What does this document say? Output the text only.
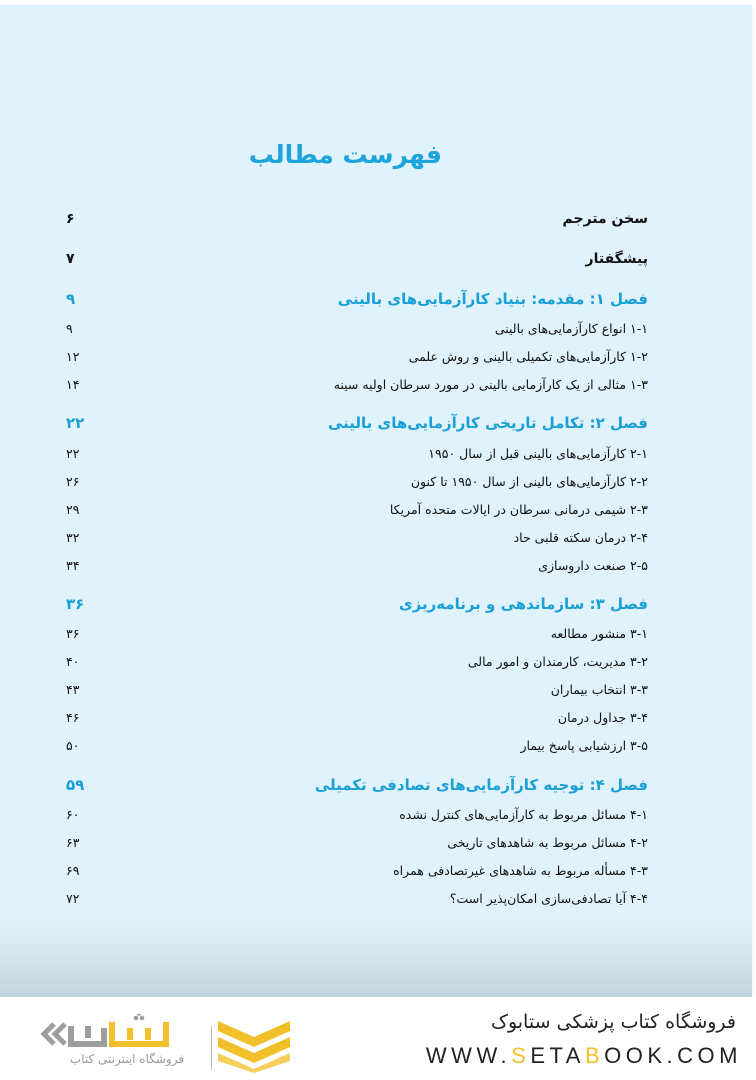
فهرست مطالب
سخن مترجم
۶
پیشگفتار
۷
فصل ۱: مقدمه: بنیاد کارآزمایی‌های بالینی
۹
۱-۱ انواع کارآزمایی‌های بالینی
۹
۱-۲ کارآزمایی‌های تکمیلی بالینی و روش علمی
۱۲
۱-۳ مثالی از یک کارآزمایی بالینی در مورد سرطان اولیه سینه
۱۴
فصل ۲: تکامل تاریخی کارآزمایی‌های بالینی
۲۲
۲-۱ کارآزمایی‌های بالینی قبل از سال ۱۹۵۰
۲۲
۲-۲ کارآزمایی‌های بالینی از سال ۱۹۵۰ تا کنون
۲۶
۲-۳ شیمی درمانی سرطان در ایالات متحده آمریکا
۲۹
۲-۴ درمان سکته قلبی حاد
۳۲
۲-۵ صنعت داروسازی
۳۴
فصل ۳: سازماندهی و برنامه‌ریزی
۳۶
۳-۱ منشور مطالعه
۳۶
۳-۲ مدیریت، کارمندان و امور مالی
۴۰
۳-۳ انتخاب بیماران
۴۳
۳-۴ جداول درمان
۴۶
۳-۵ ارزشیابی پاسخ بیمار
۵۰
فصل ۴: توجیه کارآزمایی‌های تصادفی تکمیلی
۵۹
۴-۱ مسائل مربوط به کارآزمایی‌های کنترل نشده
۶۰
۴-۲ مسائل مربوط به شاهدهای تاریخی
۶۳
۴-۳ مسأله مربوط به شاهدهای غیرتصادفی همراه
۶۹
۴-۴ آیا تصادفی‌سازی امکان‌پذیر است؟
۷۲
فروشگاه اینترنتی کتاب
فروشگاه کتاب پزشکی ستابوک
WWW.SETABOOK.COM
